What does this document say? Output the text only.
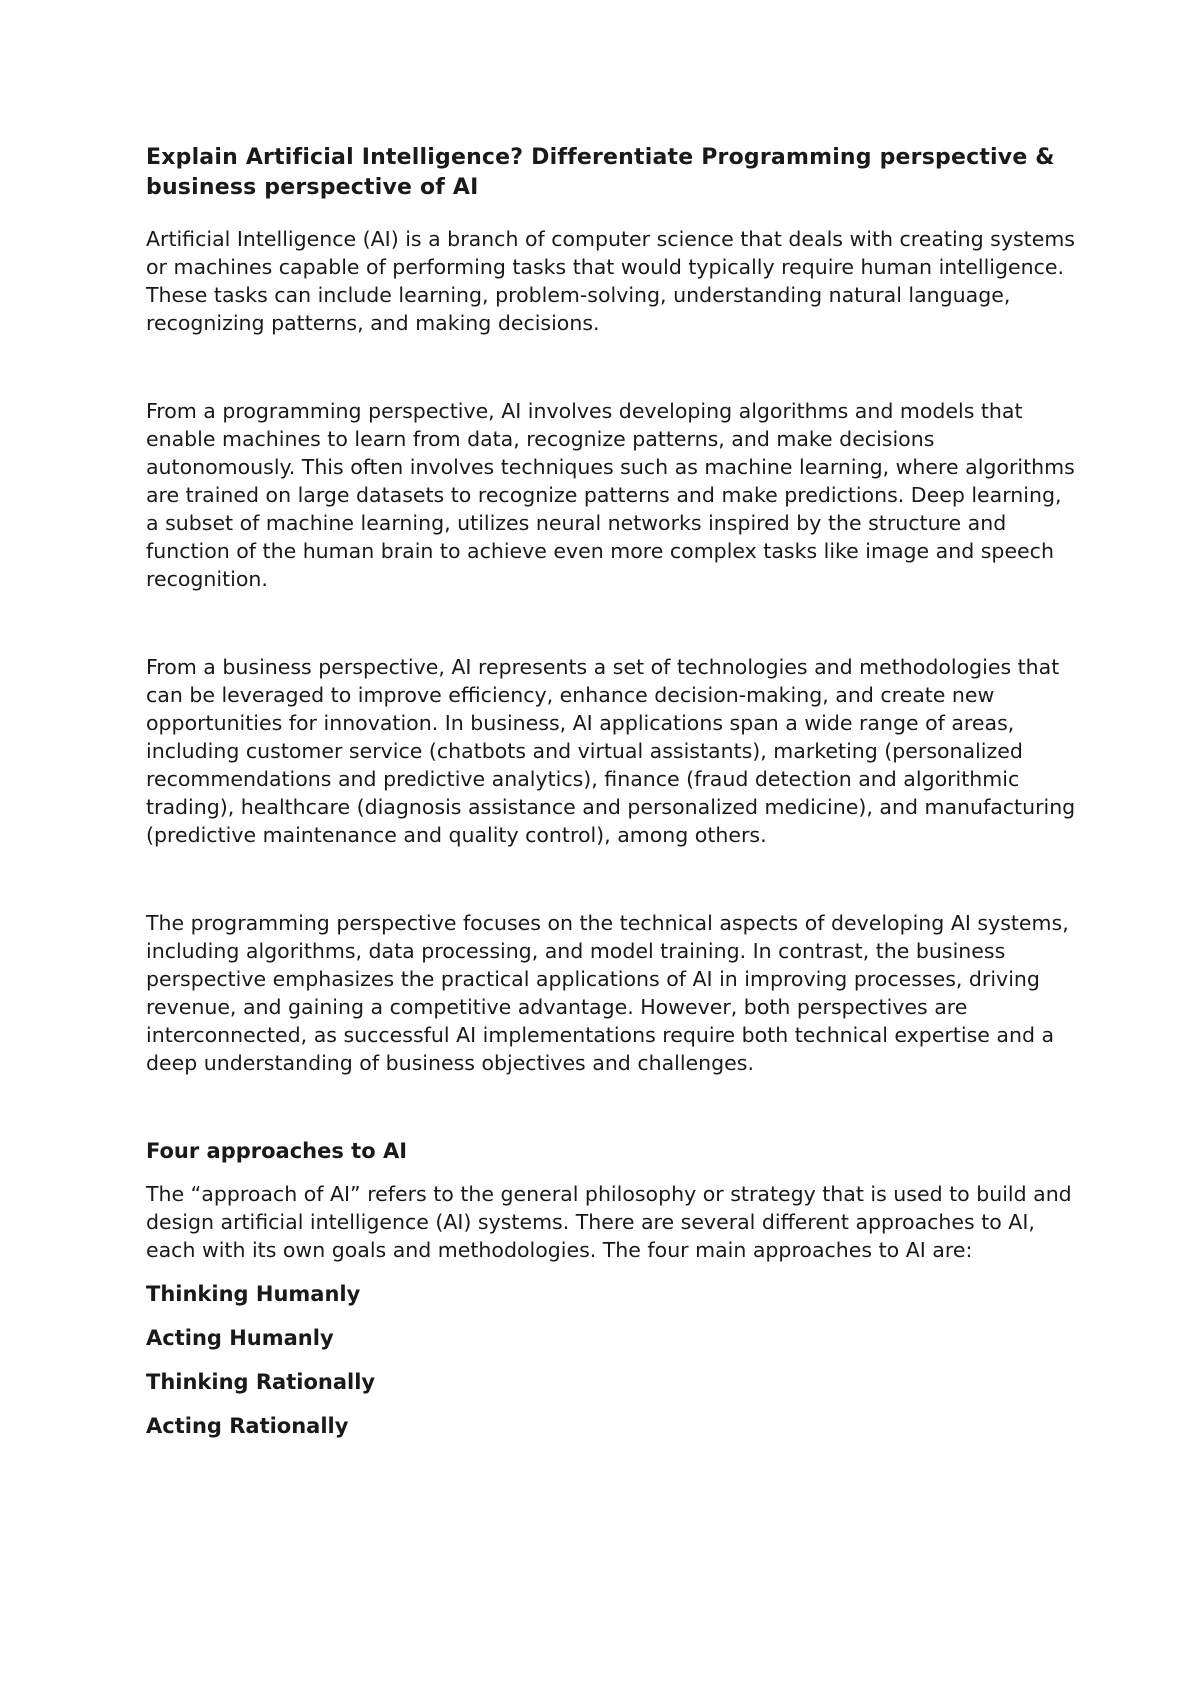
Explain Artificial Intelligence? Differentiate Programming perspective & business perspective of AI

Artificial Intelligence (AI) is a branch of computer science that deals with creating systems or machines capable of performing tasks that would typically require human intelligence. These tasks can include learning, problem-solving, understanding natural language, recognizing patterns, and making decisions.

From a programming perspective, AI involves developing algorithms and models that enable machines to learn from data, recognize patterns, and make decisions autonomously. This often involves techniques such as machine learning, where algorithms are trained on large datasets to recognize patterns and make predictions. Deep learning, a subset of machine learning, utilizes neural networks inspired by the structure and function of the human brain to achieve even more complex tasks like image and speech recognition.

From a business perspective, AI represents a set of technologies and methodologies that can be leveraged to improve efficiency, enhance decision-making, and create new opportunities for innovation. In business, AI applications span a wide range of areas, including customer service (chatbots and virtual assistants), marketing (personalized recommendations and predictive analytics), finance (fraud detection and algorithmic trading), healthcare (diagnosis assistance and personalized medicine), and manufacturing (predictive maintenance and quality control), among others.

The programming perspective focuses on the technical aspects of developing AI systems, including algorithms, data processing, and model training. In contrast, the business perspective emphasizes the practical applications of AI in improving processes, driving revenue, and gaining a competitive advantage. However, both perspectives are interconnected, as successful AI implementations require both technical expertise and a deep understanding of business objectives and challenges.

Four approaches to AI

The “approach of AI” refers to the general philosophy or strategy that is used to build and design artificial intelligence (AI) systems. There are several different approaches to AI, each with its own goals and methodologies. The four main approaches to AI are:

Thinking Humanly
Acting Humanly
Thinking Rationally
Acting Rationally
